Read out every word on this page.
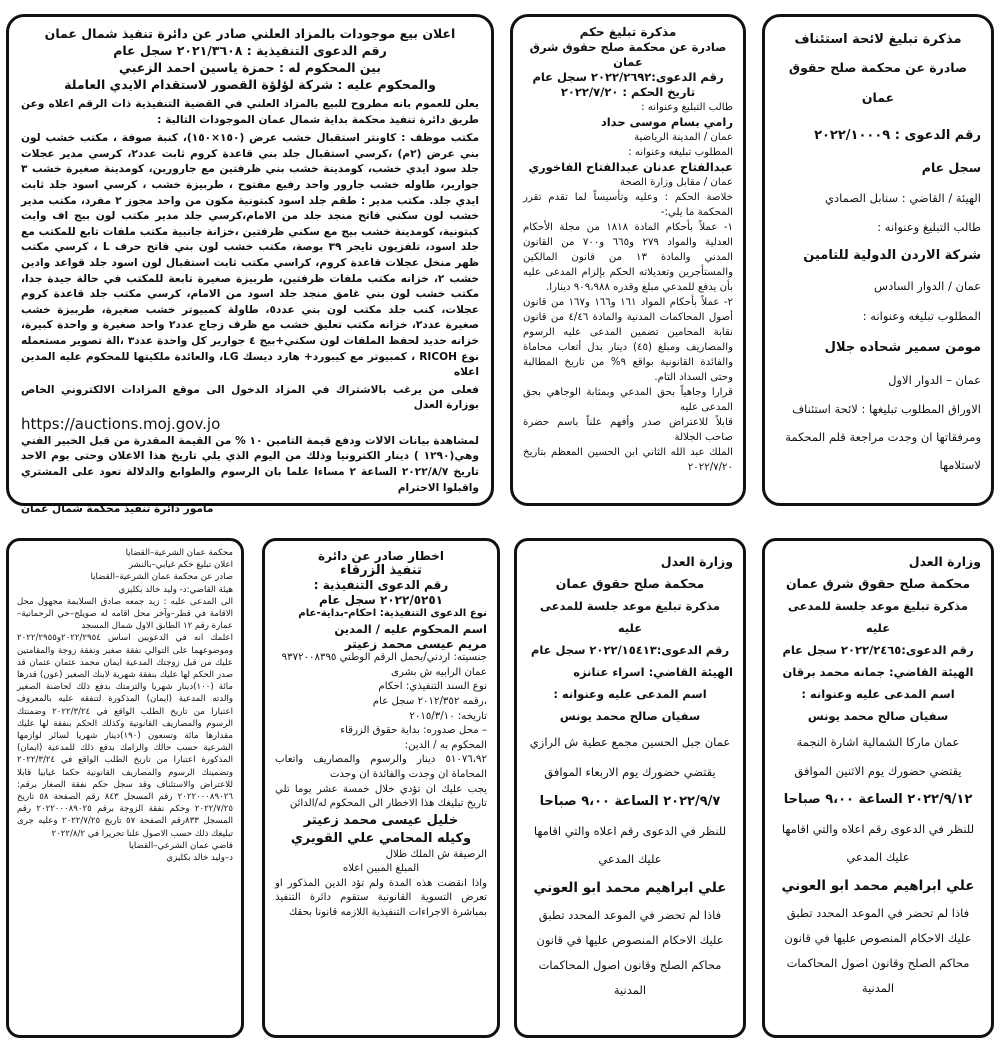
اعلان بيع موجودات بالمزاد العلني صادر عن دائرة تنفيذ شمال عمان

رقم الدعوى التنفيذية : ٢٠٢١/٣٦٠٨ سجل عام

بين المحكوم له : حمزة ياسين احمد الزعبي

والمحكوم عليه : شركة لؤلؤة القصور لاستقدام الايدي العاملة

يعلن للعموم بانه مطروح للبيع بالمزاد العلني في القضية التنفيذية ذات الرقم اعلاه وعن طريق دائرة تنفيذ محكمة بداية شمال عمان الموجودات التالية :

مكتب موظف : كاونتر استقبال خشب عرض (١٥٠×١٥٠)، كنبة صوفة ، مكتب خشب لون بني عرض (٢م) ،كرسي استقبال جلد بني قاعدة كروم ثابت عدد٢، كرسي مدير عجلات جلد سود ايدي خشب، كومدينة خشب بني ظرفتين مع جارورين، كومدينة صغيرة خشب ٣ جوارير، طاوله خشب جارور واحد رفيع مفتوح ، طربيزة خشب ، كرسي اسود جلد ثابت ايدي جلد. مكتب مدير : طقم جلد اسود كبتونية مكون من واحد مجوز ٢ مفرد، مكتب مدير خشب لون سكني فاتح منجد جلد من الامام،كرسي جلد مدير مكتب لون بيج اف وايت كبتونية، كومدينة خشب بيج مع سكني ظرفتين ،خزانة جانبية مكتب ملفات تابع للمكتب مع جلد اسود، تلفزيون تايجر ٣٩ بوصة، مكتب خشب لون بني فاتح حرف L ، كرسي مكتب ظهر منخل عجلات قاعدة كروم، كراسي مكتب ثابت استقبال لون اسود جلد قواعد وادين خشب ٢، خزانه مكتب ملفات ظرفتين، طربيزة صغيرة تابعة للمكتب في حالة جيدة جدا، مكتب خشب لون بني غامق منجد جلد اسود من الامام، كرسي مكتب جلد قاعدة كروم عجلات، كنب جلد مكتب لون بني عدد٥، طاولة كمبيوتر خشب صغيرة، طربيزة خشب صغيرة عدد٢، خزانه مكتب تعليق خشب مع ظرف زجاج عدد٢ واحد صغيرة و واحدة كبيرة، خزانه حديد لحفظ الملفات لون سكني+بيج ٤ جوارير كل واحدة عدد٣ ،الة تصوير مستعمله نوع RICOH ، كمبيوتر مع كيبورد+ هارد ديسك LG، والعائدة ملكيتها للمحكوم عليه المدين اعلاه

فعلى من يرغب بالاشتراك في المزاد الدخول الى موقع المزادات الالكتروني الخاص بوزارة العدل

https://auctions.moj.gov.jo

لمشاهدة بيانات الالات ودفع قيمة التامين ١٠ % من القيمة المقدرة من قبل الخبير الفني وهي(١٢٩٠ ) دينار الكترونيا وذلك من اليوم الذي يلي تاريخ هذا الاعلان وحتى يوم الاحد تاريخ ٢٠٢٢/٨/٧ الساعة ٢ مساءا علما بان الرسوم والطوابع والدلالة تعود على المشتري واقبلوا الاحترام

مامور دائرة تنفيذ محكمة شمال عمان

مذكرة تبليغ حكم

صادرة عن محكمة صلح حقوق شرق عمان

رقم الدعوى:٢٠٢٢/٢٦٩٢ سجل عام

تاريخ الحكم : ٢٠٢٢/٧/٢٠

طالب التبليغ وعنوانه :

رامي بسام موسى حداد

عمان / المدينة الرياضية

المطلوب تبليغه وعنوانه :

عبدالفتاح عدنان عبدالفتاح الفاخوري

عمان / مقابل وزارة الصحة

خلاصة الحكم : وعليه وتأسيساً لما تقدم تقرر المحكمة ما يلي:-

١- عملاً بأحكام المادة ١٨١٨ من مجلة الأحكام العدلية والمواد ٢٧٩ و٦٦٥ و٧٠٠ من القانون المدني والمادة ١٣ من قانون المالكين والمستأجرين وتعديلاته الحكم بإلزام المدعى عليه بأن يدفع للمدعي مبلغ وقدره ٩٠٩،٩٨٨ دينارا.

٢- عملاً بأحكام المواد ١٦١ و١٦٦ و١٦٧ من قانون أصول المحاكمات المدنية والمادة ٤/٤٦ من قانون نقابة المحامين تضمين المدعى عليه الرسوم والمصاريف ومبلغ (٤٥) دينار بدل أتعاب محاماة والفائدة القانونية بواقع ٩% من تاريخ المطالبة وحتى السداد التام.

قرارا وجاهياً بحق المدعي وبمثابة الوجاهي بحق المدعى عليه

قابلاً للاعتراض صدر وأفهم علناً باسم حضرة صاحب الجلالة

الملك عبد الله الثاني ابن الحسين المعظم بتاريخ ٢٠٢٢/٧/٢٠

مذكرة تبليغ لائحة استئناف

صادرة عن محكمة صلح حقوق عمان

رقم الدعوى : ٢٠٢٢/١٠٠٠٩

سجل عام

الهيئة / القاضي : سنابل الصمادي

طالب التبليغ وعنوانه :

شركة الاردن الدولية للتامين

عمان / الدوار السادس

المطلوب تبليغه وعنوانه :

مومن سمير شحاده جلال

عمان – الدوار الاول

الاوراق المطلوب تبليغها : لائحة استئناف ومرفقاتها ان وجدت مراجعة قلم المحكمة لاستلامها

محكمة عمان الشرعية–القضايا

اعلان تبليغ حكم غيابي–بالنشر

صادر عن محكمة عمان الشرعية–القضايا

هيئة القاضي:د- وليد خالد بكليزي

الى المدعى عليه : زيد جمعه صادق السلايمة مجهول محل الاقامة في قطر–وآخر محل اقامه له صويلح–حي الرحمانية–عمارة رقم ١٢ الطابق الاول شمال المسجد

اعلمك انه في الدعويين اساس ٢٠٢٢/٢٩٥٤و٢٠٢٢/٢٩٥٥ وموضوعهما على التوالي نفقة صغير ونفقة زوجة والمقامتين عليك من قبل زوجتك المدعية ايمان محمد عثمان عثمان قد صدر الحكم لها عليك بنفقة شهرية لابنك الصغير (عون) قدرها مائة (١٠٠)دينار شهريا والتزمتك بدفع ذلك لحاضنة الصغير والدته المدعية (ايمان) المذكورة لتنفقه عليه بالمعروف اعتبارا من تاريخ الطلب الواقع في ٢٠٢٢/٣/٢٤ وضمنتك الرسوم والمصاريف القانونية وكذلك الحكم بنفقة لها عليك مقدارها مائة وتسعون (١٩٠)دينار شهريا لسائر لوازمها الشرعية حسب حالك والزامك بدفع ذلك للمدعية (ايمان) المذكورة اعتبارا من تاريخ الطلب الواقع في ٢٠٢٢/٣/٢٤ وتضمينك الرسوم والمصاريف القانونية حكما غيابيا قابلا للاعتراض والاستئناف وقد سجل حكم نفقة الصغار برقم: ٢٠٢٢٠٠٠٨٩٠٢٦ رقم المسجل ٨٤٣ رقم الصفحة ٥٨ تاريخ ٢٠٢٢/٧/٢٥ وحكم نفقة الزوجة برقم ٢٠٢٢٠٠٠٨٩٠٢٥ رقم المسجل ٨٣٣رقم الصفحة ٥٧ تاريخ ٢٠٢٢/٧/٢٥ وعليه جرى تبليغك ذلك حسب الاصول علنا تحريرا في ٢٠٢٢/٨/٢

قاضي عمان الشرعي–القضايا

د–وليد خالد بكليزي

اخطار صادر عن دائرة

تنفيذ الزرقاء

رقم الدعوى التنفيذية :

٢٠٢٢/٥٢٥١ سجل عام

نوع الدعوى التنفيذية: احكام-بداية-عام

اسم المحكوم عليه / المدين

مريم عيسى محمد زعيتر

جنسيته: اردني/يحمل الرقم الوطني ٩٣٧٢٠٠٨٣٩٥

عمان الرابيه ش بشرى

نوع السند التنفيذي: احكام

،رقمه ٢٠١٢/٣٥٢ سجل عام

تاريخه: ٢٠١٥/٣/١٠

– محل صدوره: بداية حقوق الزرقاء

المحكوم به / الدين:

٥١٠٧٦،٩٢ دينار والرسوم والمصاريف واتعاب المحاماة ان وجدت والفائدة ان وجدت

يجب عليك ان تؤدي خلال خمسة عشر يوما تلي تاريخ تبليغك هذا الاخطار الى المحكوم له/الدائن

خليل عيسى محمد زعيتر

وكيله المحامي علي القويري

الرصيفة ش الملك طلال

المبلغ المبين اعلاه

واذا انقضت هذه المدة ولم تؤد الدين المذكور او تعرض التسوية القانونية ستقوم دائرة التنفيذ بمباشرة الاجراءات التنفيذية اللازمه قانونا بحقك

وزارة العدل

محكمة صلح حقوق عمان

مذكرة تبليغ موعد جلسة للمدعى عليه

رقم الدعوى:٢٠٢٢/١٥٤١٣ سجل عام

الهيئة القاضي: اسراء عنانزه

اسم المدعى عليه وعنوانه :

سفيان صالح محمد يونس

عمان جبل الحسين مجمع عطية ش الرازي

يقتضي حضورك يوم الاربعاء الموافق

٢٠٢٢/٩/٧ الساعة ٩،٠٠ صباحا

للنظر في الدعوى رقم اعلاه والتي اقامها عليك المدعي

علي ابراهيم محمد ابو العوني

فاذا لم تحضر في الموعد المحدد تطبق عليك الاحكام المنصوص عليها في قانون محاكم الصلح وقانون اصول المحاكمات المدنية

وزارة العدل

محكمة صلح حقوق شرق عمان

مذكرة تبليغ موعد جلسة للمدعى عليه

رقم الدعوى:٢٠٢٢/٢٤٦٥ سجل عام

الهيئة القاضي: جمانه محمد برقان

اسم المدعى عليه وعنوانه :

سفيان صالح محمد يونس

عمان ماركا الشمالية اشارة النجمة

يقتضي حضورك يوم الاثنين الموافق

٢٠٢٢/٩/١٢ الساعة ٩،٠٠ صباحا

للنظر في الدعوى رقم اعلاه والتي اقامها عليك المدعي

علي ابراهيم محمد ابو العوني

فاذا لم تحضر في الموعد المحدد تطبق عليك الاحكام المنصوص عليها في قانون محاكم الصلح وقانون اصول المحاكمات المدنية
